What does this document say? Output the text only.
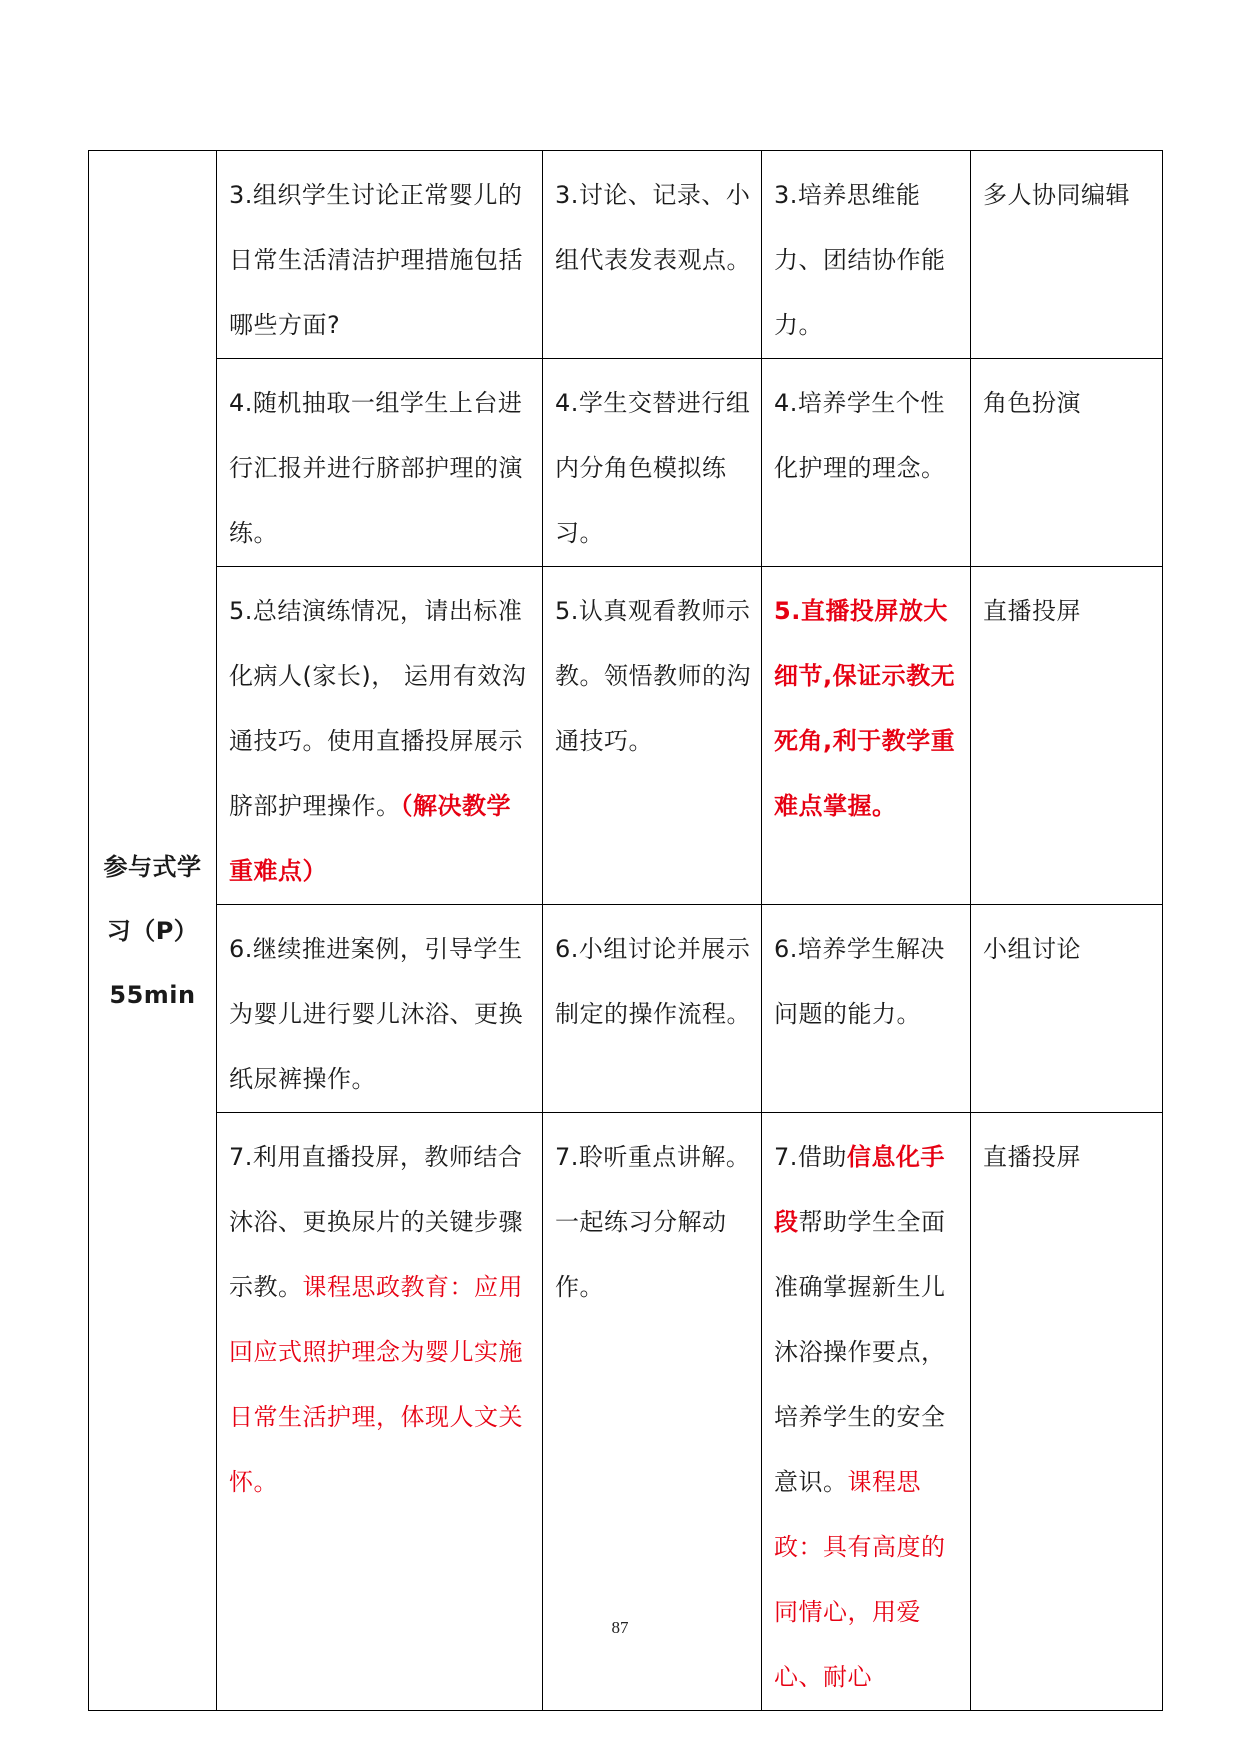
参与式学
习（P）
55min	3.组织学生讨论正常婴儿的日常生活清洁护理措施包括哪些方面?	3.讨论、记录、小组代表发表观点。	3.培养思维能力、团结协作能力。	多人协同编辑
	4.随机抽取一组学生上台进行汇报并进行脐部护理的演练。	4.学生交替进行组内分角色模拟练习。	4.培养学生个性化护理的理念。	角色扮演
	5.总结演练情况，请出标准化病人(家长)， 运用有效沟通技巧。使用直播投屏展示脐部护理操作。（解决教学重难点）	5.认真观看教师示教。领悟教师的沟通技巧。	5.直播投屏放大细节,保证示教无死角,利于教学重难点掌握。	直播投屏
	6.继续推进案例，引导学生为婴儿进行婴儿沐浴、更换纸尿裤操作。	6.小组讨论并展示制定的操作流程。	6.培养学生解决问题的能力。	小组讨论
	7.利用直播投屏，教师结合沐浴、更换尿片的关键步骤示教。课程思政教育：应用回应式照护理念为婴儿实施日常生活护理，体现人文关怀。	7.聆听重点讲解。一起练习分解动作。	7.借助信息化手段帮助学生全面准确掌握新生儿沐浴操作要点，培养学生的安全意识。课程思政：具有高度的同情心，用爱心、耐心	直播投屏
87
